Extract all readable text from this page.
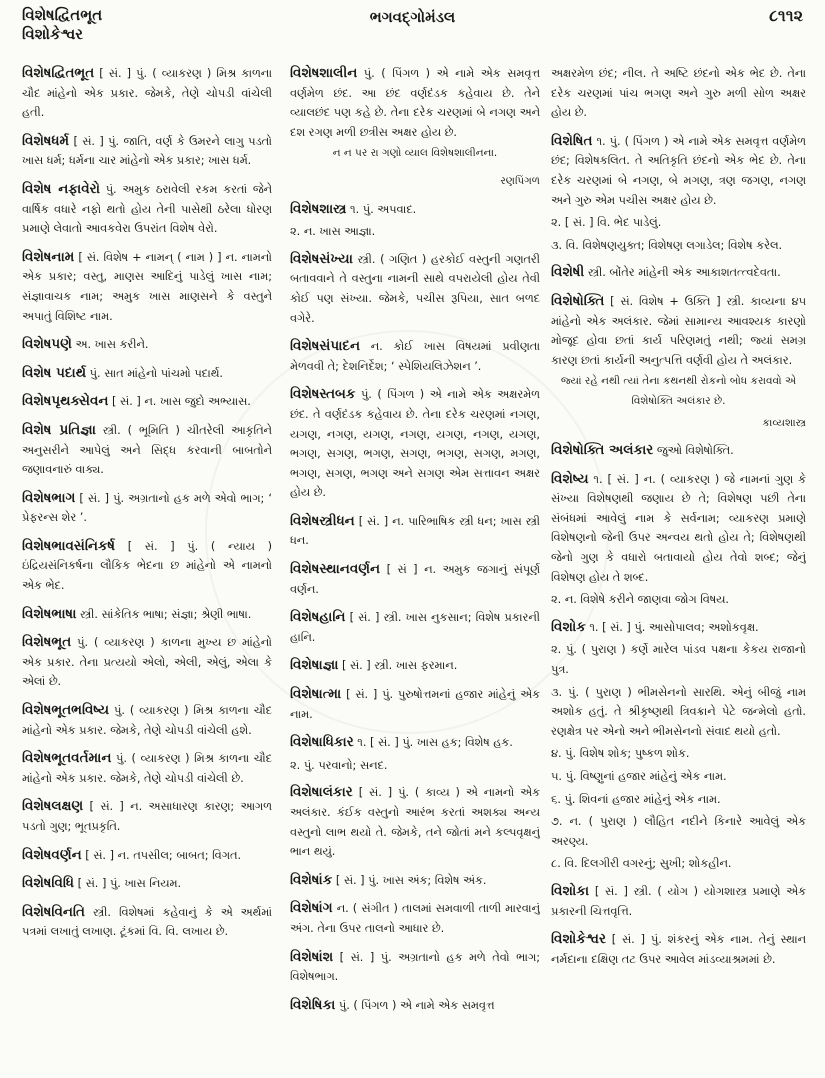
વિશેષદ્વિતભૂત
વિશોકેશ્વર
ભગવદ્ગોમંડલ	૮૧૧૨
વિશેષદ્વિતભૂત [ સં. ] પું. ( વ્યાકરણ ) મિશ્ર કાળના ચૌદ માંહેનો એક પ્રકાર. જેમકે, તેણે ચોપડી વાંચેલી હતી.
વિશેષધર્મ [ સં. ] પું. જાતિ, વર્ણ કે ઉમરને લાગુ પડતો ખાસ ધર્મ; ધર્મના ચાર માંહેનો એક પ્રકાર; ખાસ ધર્મ.
વિશેષ નફાવેરો પું. અમુક ઠરાવેલી રકમ કરતાં જેને વાર્ષિક વધારે નફો થતો હોય તેની પાસેથી ઠરેલા ધોરણ પ્રમાણે લેવાતો આવકવેરા ઉપરાંત વિશેષ વેરો.
વિશેષનામ [ સં. વિશેષ + નામન્ ( નામ ) ] ન. નામનો એક પ્રકાર; વસ્તુ, માણસ આદિનું પાડેલું ખાસ નામ; સંજ્ઞાવાચક નામ; અમુક ખાસ માણસને કે વસ્તુને અપાતું વિશિષ્ટ નામ.
વિશેષપણે અ. ખાસ કરીને.
વિશેષ પદાર્થ પું. સાત માંહેનો પાંચમો પદાર્થ.
વિશેષપૃથક્સેવન [ સં. ] ન. ખાસ જુદો અભ્યાસ.
વિશેષ પ્રતિજ્ઞા સ્ત્રી. ( ભૂમિતિ ) ચીતરેલી આકૃતિને અનુસરીને આપેલું અને સિદ્ધ કરવાની બાબતોને જણાવનારું વાક્ય.
વિશેષભાગ [ સં. ] પું. અગ્રતાનો હક મળે એવો ભાગ; ‘ પ્રેફરન્સ શેર ’.
વિશેષભાવસંનિકર્ષ [ સં. ] પું. ( ન્યાય ) ઇંદ્રિયસંનિકર્ષના લૌકિક ભેદના છ માંહેનો એ નામનો એક ભેદ.
વિશેષભાષા સ્ત્રી. સાંકેતિક ભાષા; સંજ્ઞા; શ્રેણી ભાષા.
વિશેષભૂત પું. ( વ્યાકરણ ) કાળના મુખ્ય છ માંહેનો એક પ્રકાર. તેના પ્રત્યયો એલો, એલી, એલું, એલા કે એલાં છે.
વિશેષભૂતભવિષ્ય પું. ( વ્યાકરણ ) મિશ્ર કાળના ચૌદ માંહેનો એક પ્રકાર. જેમકે, તેણે ચોપડી વાંચેલી હશે.
વિશેષભૂતવર્તમાન પું. ( વ્યાકરણ ) મિશ્ર કાળના ચૌદ માંહેનો એક પ્રકાર. જેમકે, તેણે ચોપડી વાંચેલી છે.
વિશેષલક્ષણ [ સં. ] ન. અસાધારણ કારણ; આગળ પડતો ગુણ; ભૂતપ્રકૃતિ.
વિશેષવર્ણન [ સં. ] ન. તપસીલ; બાબત; વિગત.
વિશેષવિધિ [ સં. ] પું. ખાસ નિયમ.
વિશેષવિનતિ સ્ત્રી. વિશેષમાં કહેવાનું કે એ અર્થમાં પત્રમાં લખાતું લખાણ. ટૂંકમાં વિ. વિ. લખાય છે.
વિશેષશાલીન પું. ( પિંગળ ) એ નામે એક સમવૃત્ત વર્ણમેળ છંદ. આ છંદ વર્ણદંડક કહેવાય છે. તેને વ્યાલછંદ પણ કહે છે. તેના દરેક ચરણમાં બે નગણ અને દશ રગણ મળી છત્રીસ અક્ષર હોય છે.
ન ન પર રા ગણો વ્યાલ વિશેષશાલીનના.
રણપિંગળ
વિશેષશાસ્ત્ર ૧. પું. અપવાદ.
૨. ન. ખાસ આજ્ઞા.
વિશેષસંખ્યા સ્ત્રી. ( ગણિત ) હરકોઈ વસ્તુની ગણતરી બતાવવાને તે વસ્તુના નામની સાથે વપરાયેલી હોય તેવી કોઈ પણ સંખ્યા. જેમકે, પચીસ રૂપિયા, સાત બળદ વગેરે.
વિશેષસંપાદન ન. કોઈ ખાસ વિષયમાં પ્રવીણતા મેળવવી તે; દેશનિર્દેશ; ‘ સ્પેશિયલિઝેશન ’.
વિશેષસ્તબક પું. ( પિંગળ ) એ નામે એક અક્ષરમેળ છંદ. તે વર્ણદંડક કહેવાય છે. તેના દરેક ચરણમાં નગણ, યગણ, નગણ, યગણ, નગણ, યગણ, નગણ, યગણ, ભગણ, સગણ, ભગણ, સગણ, ભગણ, સગણ, મગણ, ભગણ, સગણ, ભગણ અને સગણ એમ સત્તાવન અક્ષર હોય છે.
વિશેષસ્ત્રીધન [ સં. ] ન. પારિભાષિક સ્ત્રી ધન; ખાસ સ્ત્રી ધન.
વિશેષસ્થાનવર્ણન [ સં ] ન. અમુક જગાનું સંપૂર્ણ વર્ણન.
વિશેષહાનિ [ સં. ] સ્ત્રી. ખાસ નુકસાન; વિશેષ પ્રકારની હાનિ.
વિશેષાજ્ઞા [ સં. ] સ્ત્રી. ખાસ ફરમાન.
વિશેષાત્મા [ સં. ] પું. પુરુષોત્તમનાં હજાર માંહેનું એક નામ.
વિશેષાધિકાર ૧. [ સં. ] પું. ખાસ હક; વિશેષ હક.
૨. પું. પરવાનો; સનદ.
વિશેષાલંકાર [ સં. ] પું. ( કાવ્ય ) એ નામનો એક અલંકાર. કંઈક વસ્તુનો આરંભ કરતાં અશક્ય અન્ય વસ્તુનો લાભ થયો તે. જેમકે, તને જોતાં મને કલ્પવૃક્ષનું ભાન થયું.
વિશેષાંક [ સં. ] પું. ખાસ અંક; વિશેષ અંક.
વિશેષાંગ ન. ( સંગીત ) તાલમાં સમવાળી તાળી મારવાનું અંગ. તેના ઉપર તાલનો આધાર છે.
વિશેષાંશ [ સં. ] પું. અગ્રતાનો હક મળે તેવો ભાગ; વિશેષભાગ.
વિશેષિકા પું. ( પિંગળ ) એ નામે એક સમવૃત્ત
અક્ષરમેળ છંદ; નીલ. તે અષ્ટિ છંદનો એક ભેદ છે. તેના દરેક ચરણમાં પાંચ ભગણ અને ગુરુ મળી સોળ અક્ષર હોય છે.
વિશેષિત ૧. પું. ( પિંગળ ) એ નામે એક સમવૃત્ત વર્ણમેળ છંદ; વિશેષકલિત. તે અતિકૃતિ છંદનો એક ભેદ છે. તેના દરેક ચરણમાં બે નગણ, બે મગણ, ત્રણ જગણ, નગણ અને ગુરુ એમ પચીસ અક્ષર હોય છે.
૨. [ સં. ] વિ. ભેદ પાડેલું.
૩. વિ. વિશેષણયુક્ત; વિશેષણ લગાડેલ; વિશેષ કરેલ.
વિશેષી સ્ત્રી. બોંતેર માંહેની એક આકાશતત્ત્વદેવતા.
વિશેષોક્તિ [ સં. વિશેષ + ઉક્તિ ] સ્ત્રી. કાવ્યના ૪૫ માંહેનો એક અલંકાર. જેમાં સામાન્ય આવશ્યક કારણો મોજૂદ હોવા છતાં કાર્ય પરિણમતું નથી; જ્યાં સમગ્ર કારણ છતાં કાર્યની અનુત્પત્તિ વર્ણવી હોય તે અલંકાર.
જ્યાં રહે નથી ત્યાં તેના કથનથી રોકનો બોધ કરાવવો એ વિશેષોક્તિ અલંકાર છે.
કાવ્યશાસ્ત્ર
વિશેષોક્તિ અલંકાર જુઓ વિશેષોક્તિ.
વિશેષ્ય ૧. [ સં. ] ન. ( વ્યાકરણ ) જે નામનાં ગુણ કે સંખ્યા વિશેષણથી જણાય છે તે; વિશેષણ પછી તેના સંબંધમાં આવેલું નામ કે સર્વનામ; વ્યાકરણ પ્રમાણે વિશેષણનો જેની ઉપર અન્વય થતો હોય તે; વિશેષણથી જેનો ગુણ કે વધારો બતાવાયો હોય તેવો શબ્દ; જેનું વિશેષણ હોય તે શબ્દ.
૨. ન. વિશેષે કરીને જાણવા જોગ વિષય.
વિશોક ૧. [ સં. ] પું. આસોપાલવ; અશોકવૃક્ષ.
૨. પું. ( પુરાણ ) કર્ણે મારેલ પાંડવ પક્ષના કેકય રાજાનો પુત્ર.
૩. પું. ( પુરાણ ) ભીમસેનનો સારથિ. એનું બીજું નામ અશોક હતું. તે શ્રીકૃષ્ણથી ત્રિવક્રાને પેટે જન્મેલો હતો. રણક્ષેત્ર પર એનો અને ભીમસેનનો સંવાદ થયો હતો.
૪. પું. વિશેષ શોક; પુષ્કળ શોક.
૫. પું. વિષ્ણુનાં હજાર માંહેનું એક નામ.
૬. પું. શિવનાં હજાર માંહેનું એક નામ.
૭. ન. ( પુરાણ ) લૌહિત નદીને કિનારે આવેલું એક અરણ્ય.
૮. વિ. દિલગીરી વગરનું; સુખી; શોકહીન.
વિશોકા [ સં. ] સ્ત્રી. ( યોગ ) યોગશાસ્ત્ર પ્રમાણે એક પ્રકારની ચિત્તવૃત્તિ.
વિશોકેશ્વર [ સં. ] પું. શંકરનું એક નામ. તેનું સ્થાન નર્મદાના દક્ષિણ તટ ઉપર આવેલ માંડવ્યાશ્રમમાં છે.
